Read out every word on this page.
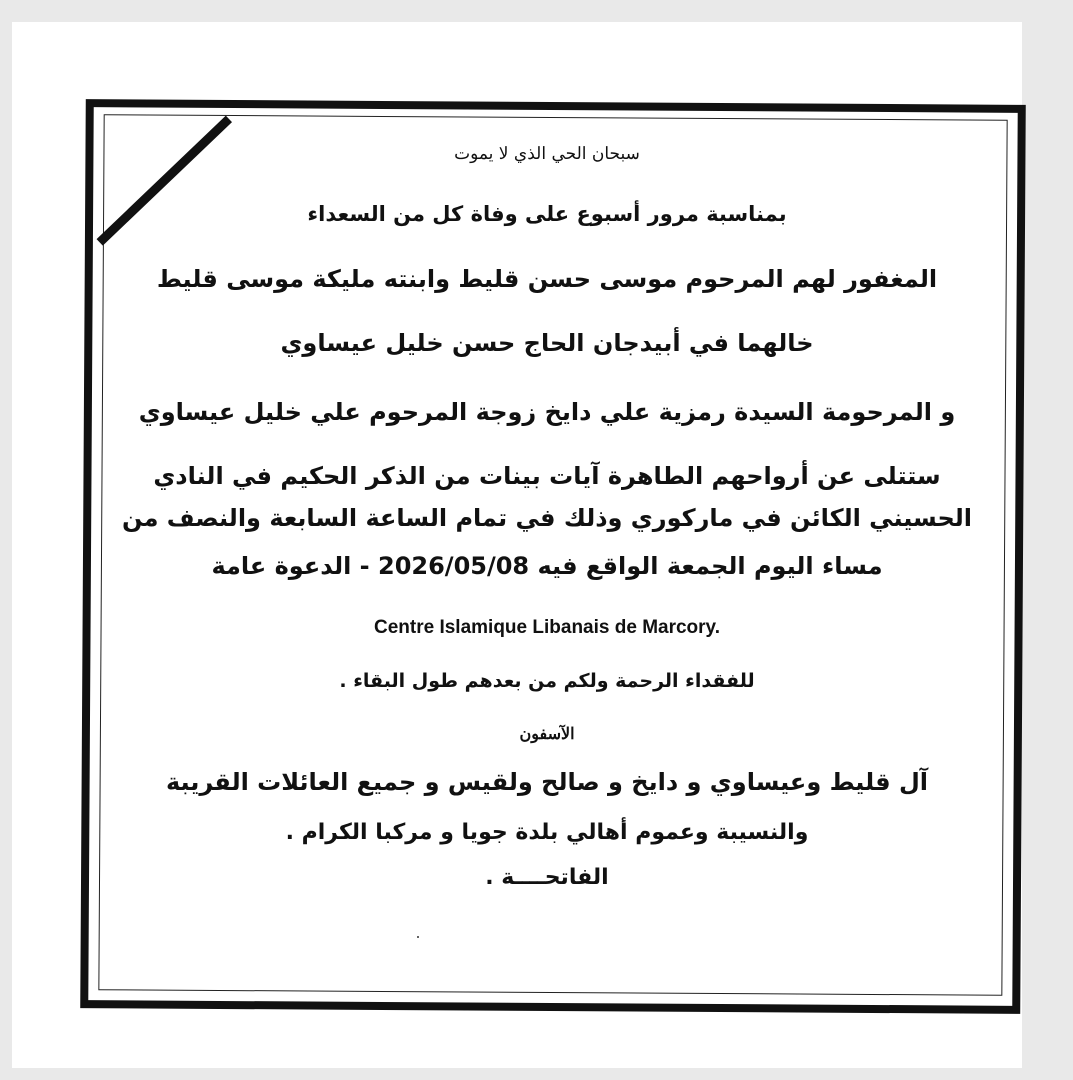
سبحان الحي الذي لا يموت
بمناسبة مرور أسبوع على وفاة كل من السعداء
المغفور لهم المرحوم موسى حسن قليط وابنته مليكة موسى قليط
خالهما في أبيدجان الحاج حسن خليل عيساوي
و المرحومة السيدة رمزية علي دايخ زوجة المرحوم علي خليل عيساوي
ستتلى عن أرواحهم الطاهرة آيات بينات من الذكر الحكيم في النادي
الحسيني الكائن في ماركوري وذلك في تمام الساعة السابعة والنصف من
مساء اليوم الجمعة الواقع فيه 2026/05/08 - الدعوة عامة
Centre Islamique Libanais de Marcory.
للفقداء الرحمة ولكم من بعدهم طول البقاء .
الآسفون
آل قليط وعيساوي و دايخ و صالح ولقيس و جميع العائلات القريبة
والنسيبة وعموم أهالي بلدة جويا و مركبا الكرام .
الفاتحــــة .
